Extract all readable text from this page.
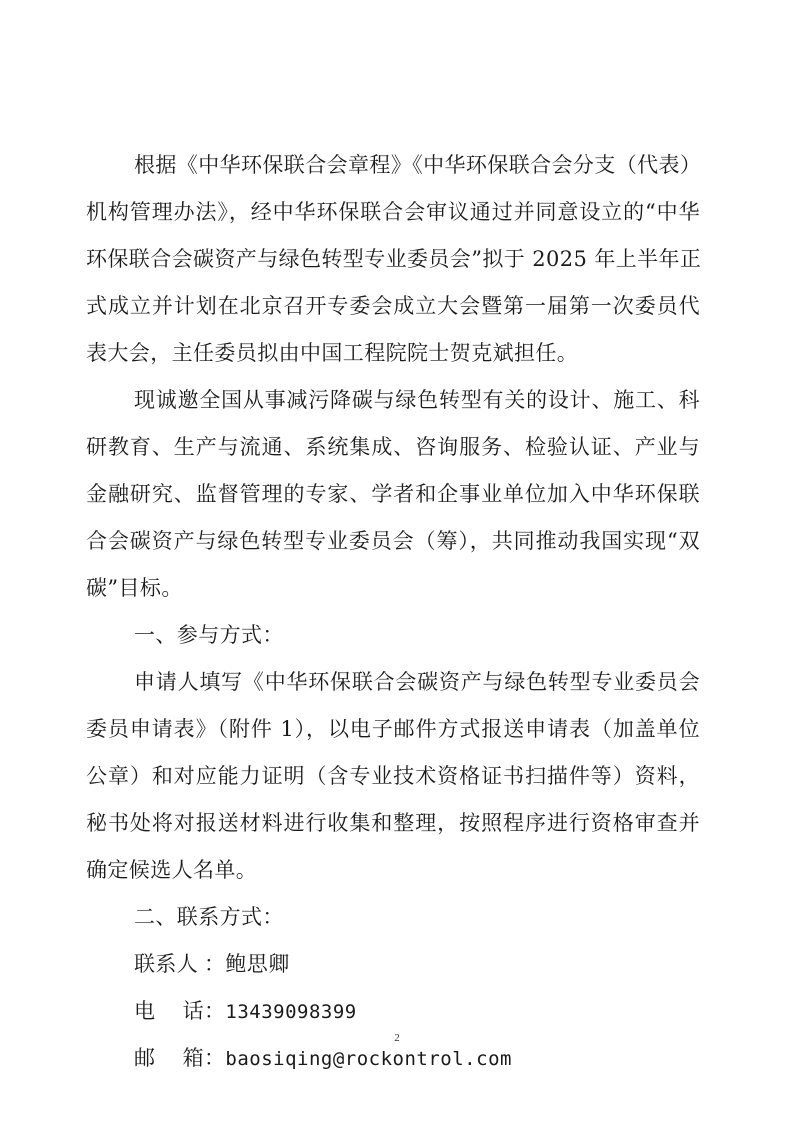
根据《中华环保联合会章程》《中华环保联合会分支（代表）
机构管理办法》，经中华环保联合会审议通过并同意设立的“中华
环保联合会碳资产与绿色转型专业委员会”拟于 2025 年上半年正
式成立并计划在北京召开专委会成立大会暨第一届第一次委员代
表大会，主任委员拟由中国工程院院士贺克斌担任。
现诚邀全国从事减污降碳与绿色转型有关的设计、施工、科
研教育、生产与流通、系统集成、咨询服务、检验认证、产业与
金融研究、监督管理的专家、学者和企事业单位加入中华环保联
合会碳资产与绿色转型专业委员会（筹），共同推动我国实现“双
碳”目标。
一、参与方式：
申请人填写《中华环保联合会碳资产与绿色转型专业委员会
委员申请表》（附件 1），以电子邮件方式报送申请表（加盖单位
公章）和对应能力证明（含专业技术资格证书扫描件等）资料，
秘书处将对报送材料进行收集和整理，按照程序进行资格审查并
确定候选人名单。
二、联系方式：
联系人 ：鲍思卿
电话：13439098399
邮箱：baosiqing@rockontrol.com
2
